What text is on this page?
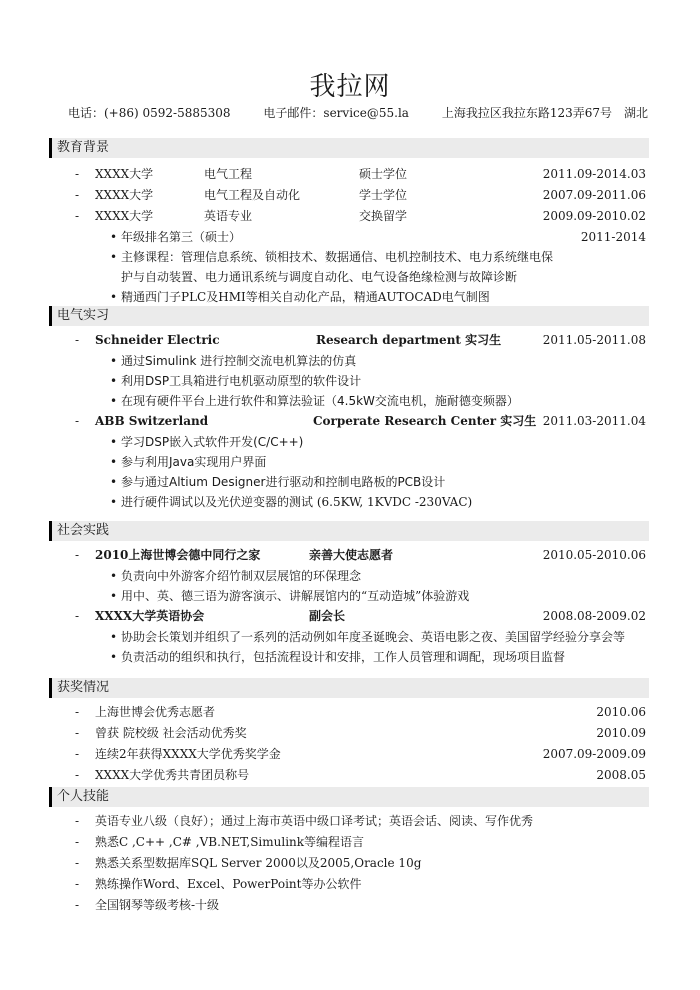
我拉网
电话：(+86) 0592-5885308	电子邮件：service@55.la	上海我拉区我拉东路123弄67号　湖北
教育背景
- XXXX大学	电气工程	硕士学位	2011.09-2014.03
- XXXX大学	电气工程及自动化	学士学位	2007.09-2011.06
- XXXX大学	英语专业	交换留学	2009.09-2010.02
• 年级排名第三（硕士）	2011-2014
• 主修课程：管理信息系统、锁相技术、数据通信、电机控制技术、电力系统继电保护与自动装置、电力通讯系统与调度自动化、电气设备绝缘检测与故障诊断
• 精通西门子PLC及HMI等相关自动化产品，精通AUTOCAD电气制图
电气实习
- Schneider Electric	Research department 实习生	2011.05-2011.08
• 通过Simulink 进行控制交流电机算法的仿真
• 利用DSP工具箱进行电机驱动原型的软件设计
• 在现有硬件平台上进行软件和算法验证（4.5kW交流电机，施耐德变频器）
- ABB Switzerland	Corperate Research Center 实习生 2011.03-2011.04
• 学习DSP嵌入式软件开发(C/C++)
• 参与利用Java实现用户界面
• 参与通过Altium Designer进行驱动和控制电路板的PCB设计
• 进行硬件调试以及光伏逆变器的测试 (6.5KW, 1KVDC -230VAC)
社会实践
- 2010上海世博会德中同行之家	亲善大使志愿者	2010.05-2010.06
• 负责向中外游客介绍竹制双层展馆的环保理念
• 用中、英、德三语为游客演示、讲解展馆内的“互动造城”体验游戏
- XXXX大学英语协会	副会长	2008.08-2009.02
• 协助会长策划并组织了一系列的活动例如年度圣诞晚会、英语电影之夜、美国留学经验分享会等
• 负责活动的组织和执行，包括流程设计和安排，工作人员管理和调配，现场项目监督
获奖情况
- 上海世博会优秀志愿者	2010.06
- 曾获 院校级 社会活动优秀奖	2010.09
- 连续2年获得XXXX大学优秀奖学金	2007.09-2009.09
- XXXX大学优秀共青团员称号	2008.05
个人技能
- 英语专业八级（良好）；通过上海市英语中级口译考试；英语会话、阅读、写作优秀
- 熟悉C ,C++ ,C# ,VB.NET,Simulink等编程语言
- 熟悉关系型数据库SQL Server 2000以及2005,Oracle 10g
- 熟练操作Word、Excel、PowerPoint等办公软件
- 全国钢琴等级考核-十级
